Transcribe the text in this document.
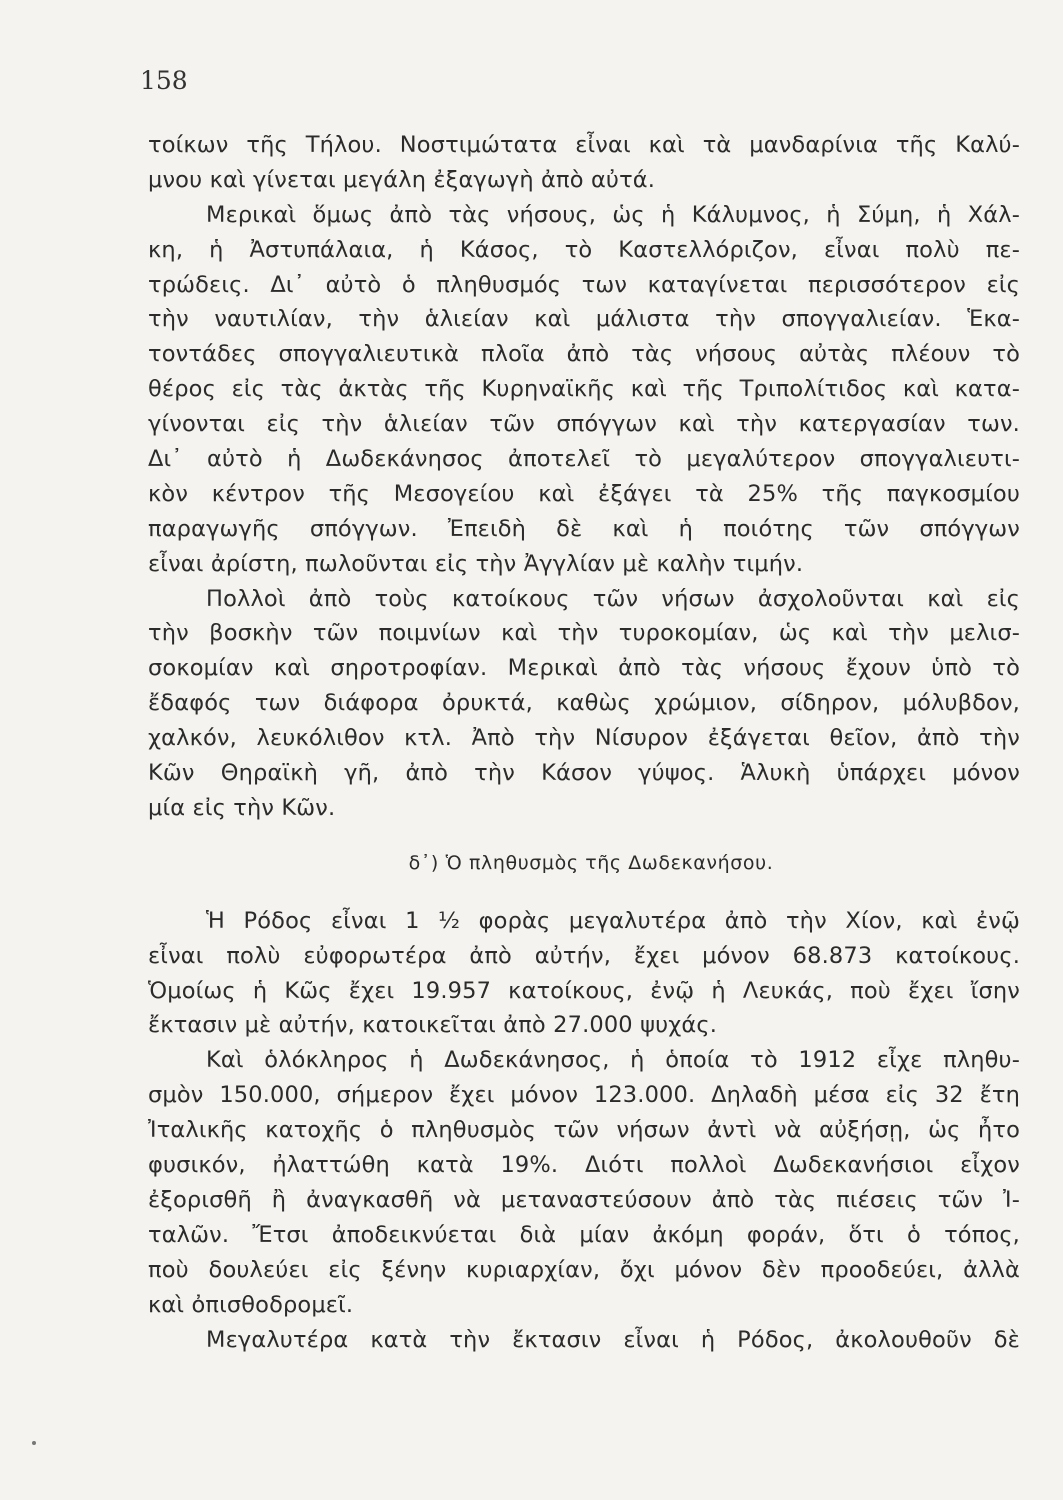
158
τοίκων τῆς Τήλου. Νοστιμώτατα εἶναι καὶ τὰ μανδαρίνια τῆς Καλύ-
μνου καὶ γίνεται μεγάλη ἐξαγωγὴ ἀπὸ αὐτά.
Μερικαὶ ὅμως ἀπὸ τὰς νήσους, ὡς ἡ Κάλυμνος, ἡ Σύμη, ἡ Χάλ-
κη, ἡ Ἀστυπάλαια, ἡ Κάσος, τὸ Καστελλόριζον, εἶναι πολὺ πε-
τρώδεις. Δι᾽ αὐτὸ ὁ πληθυσμός των καταγίνεται περισσότερον εἰς
τὴν ναυτιλίαν, τὴν ἁλιείαν καὶ μάλιστα τὴν σπογγαλιείαν. Ἑκα-
τοντάδες σπογγαλιευτικὰ πλοῖα ἀπὸ τὰς νήσους αὐτὰς πλέουν τὸ
θέρος εἰς τὰς ἀκτὰς τῆς Κυρηναϊκῆς καὶ τῆς Τριπολίτιδος καὶ κατα-
γίνονται εἰς τὴν ἁλιείαν τῶν σπόγγων καὶ τὴν κατεργασίαν των.
Δι᾽ αὐτὸ ἡ Δωδεκάνησος ἀποτελεῖ τὸ μεγαλύτερον σπογγαλιευτι-
κὸν κέντρον τῆς Μεσογείου καὶ ἐξάγει τὰ 25% τῆς παγκοσμίου
παραγωγῆς σπόγγων. Ἐπειδὴ δὲ καὶ ἡ ποιότης τῶν σπόγγων
εἶναι ἀρίστη, πωλοῦνται εἰς τὴν Ἀγγλίαν μὲ καλὴν τιμήν.
Πολλοὶ ἀπὸ τοὺς κατοίκους τῶν νήσων ἀσχολοῦνται καὶ εἰς
τὴν βοσκὴν τῶν ποιμνίων καὶ τὴν τυροκομίαν, ὡς καὶ τὴν μελισ-
σοκομίαν καὶ σηροτροφίαν. Μερικαὶ ἀπὸ τὰς νήσους ἔχουν ὑπὸ τὸ
ἔδαφός των διάφορα ὀρυκτά, καθὼς χρώμιον, σίδηρον, μόλυβδον,
χαλκόν, λευκόλιθον κτλ. Ἀπὸ τὴν Νίσυρον ἐξάγεται θεῖον, ἀπὸ τὴν
Κῶν Θηραϊκὴ γῆ, ἀπὸ τὴν Κάσον γύψος. Ἁλυκὴ ὑπάρχει μόνον
μία εἰς τὴν Κῶν.
δ᾽) Ὁ πληθυσμὸς τῆς Δωδεκανήσου.
Ἡ Ρόδος εἶναι 1 ½ φορὰς μεγαλυτέρα ἀπὸ τὴν Χίον, καὶ ἐνῷ
εἶναι πολὺ εὐφορωτέρα ἀπὸ αὐτήν, ἔχει μόνον 68.873 κατοίκους.
Ὁμοίως ἡ Κῶς ἔχει 19.957 κατοίκους, ἐνῷ ἡ Λευκάς, ποὺ ἔχει ἴσην
ἔκτασιν μὲ αὐτήν, κατοικεῖται ἀπὸ 27.000 ψυχάς.
Καὶ ὁλόκληρος ἡ Δωδεκάνησος, ἡ ὁποία τὸ 1912 εἶχε πληθυ-
σμὸν 150.000, σήμερον ἔχει μόνον 123.000. Δηλαδὴ μέσα εἰς 32 ἔτη
Ἰταλικῆς κατοχῆς ὁ πληθυσμὸς τῶν νήσων ἀντὶ νὰ αὐξήσῃ, ὡς ἦτο
φυσικόν, ἠλαττώθη κατὰ 19%. Διότι πολλοὶ Δωδεκανήσιοι εἶχον
ἐξορισθῆ ἢ ἀναγκασθῆ νὰ μεταναστεύσουν ἀπὸ τὰς πιέσεις τῶν Ἰ-
ταλῶν. Ἔτσι ἀποδεικνύεται διὰ μίαν ἀκόμη φοράν, ὅτι ὁ τόπος,
ποὺ δουλεύει εἰς ξένην κυριαρχίαν, ὄχι μόνον δὲν προοδεύει, ἀλλὰ
καὶ ὀπισθοδρομεῖ.
Μεγαλυτέρα κατὰ τὴν ἔκτασιν εἶναι ἡ Ρόδος, ἀκολουθοῦν δὲ
